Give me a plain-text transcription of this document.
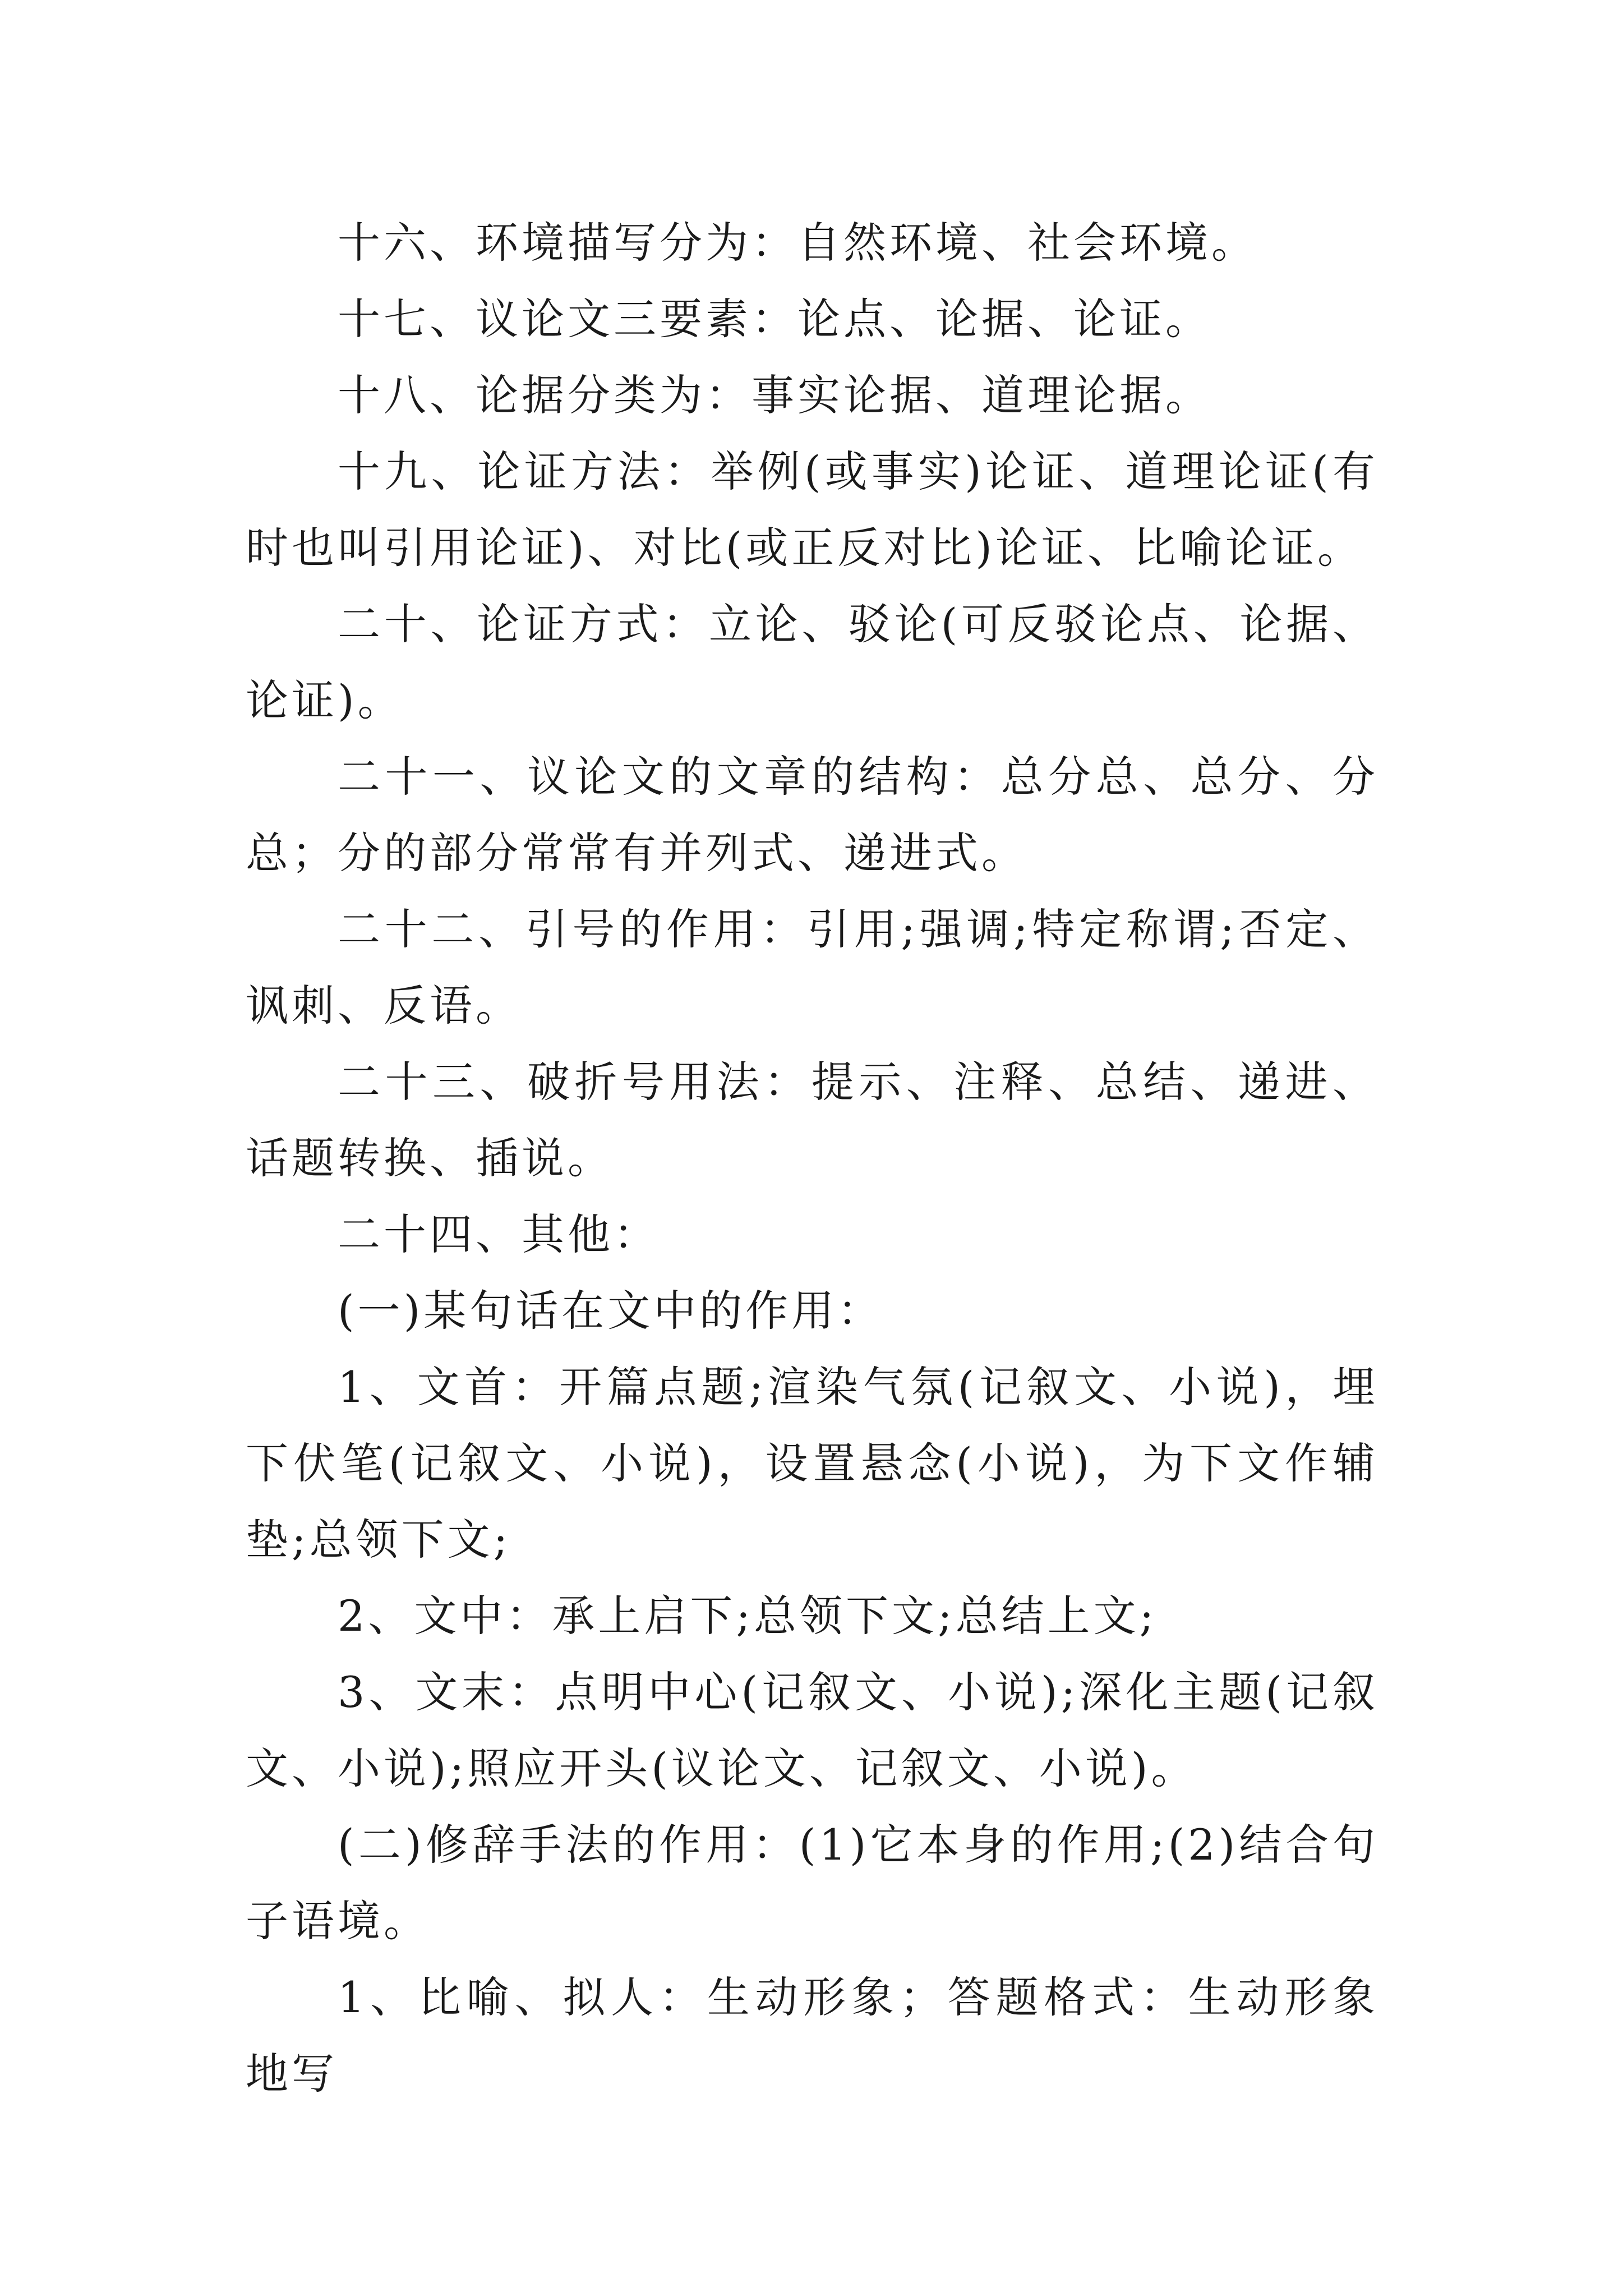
十六、环境描写分为：自然环境、社会环境。

十七、议论文三要素：论点、论据、论证。

十八、论据分类为：事实论据、道理论据。

十九、论证方法：举例(或事实)论证、道理论证(有时也叫引用论证)、对比(或正反对比)论证、比喻论证。

二十、论证方式：立论、驳论(可反驳论点、论据、论证)。

二十一、议论文的文章的结构：总分总、总分、分总；分的部分常常有并列式、递进式。

二十二、引号的作用：引用;强调;特定称谓;否定、讽刺、反语。

二十三、破折号用法：提示、注释、总结、递进、话题转换、插说。

二十四、其他：

(一)某句话在文中的作用：

1、文首：开篇点题;渲染气氛(记叙文、小说)，埋下伏笔(记叙文、小说)，设置悬念(小说)，为下文作辅垫;总领下文;

2、文中：承上启下;总领下文;总结上文;

3、文末：点明中心(记叙文、小说);深化主题(记叙文、小说);照应开头(议论文、记叙文、小说)。

(二)修辞手法的作用：(1)它本身的作用;(2)结合句子语境。

1、比喻、拟人：生动形象；答题格式：生动形象地写
